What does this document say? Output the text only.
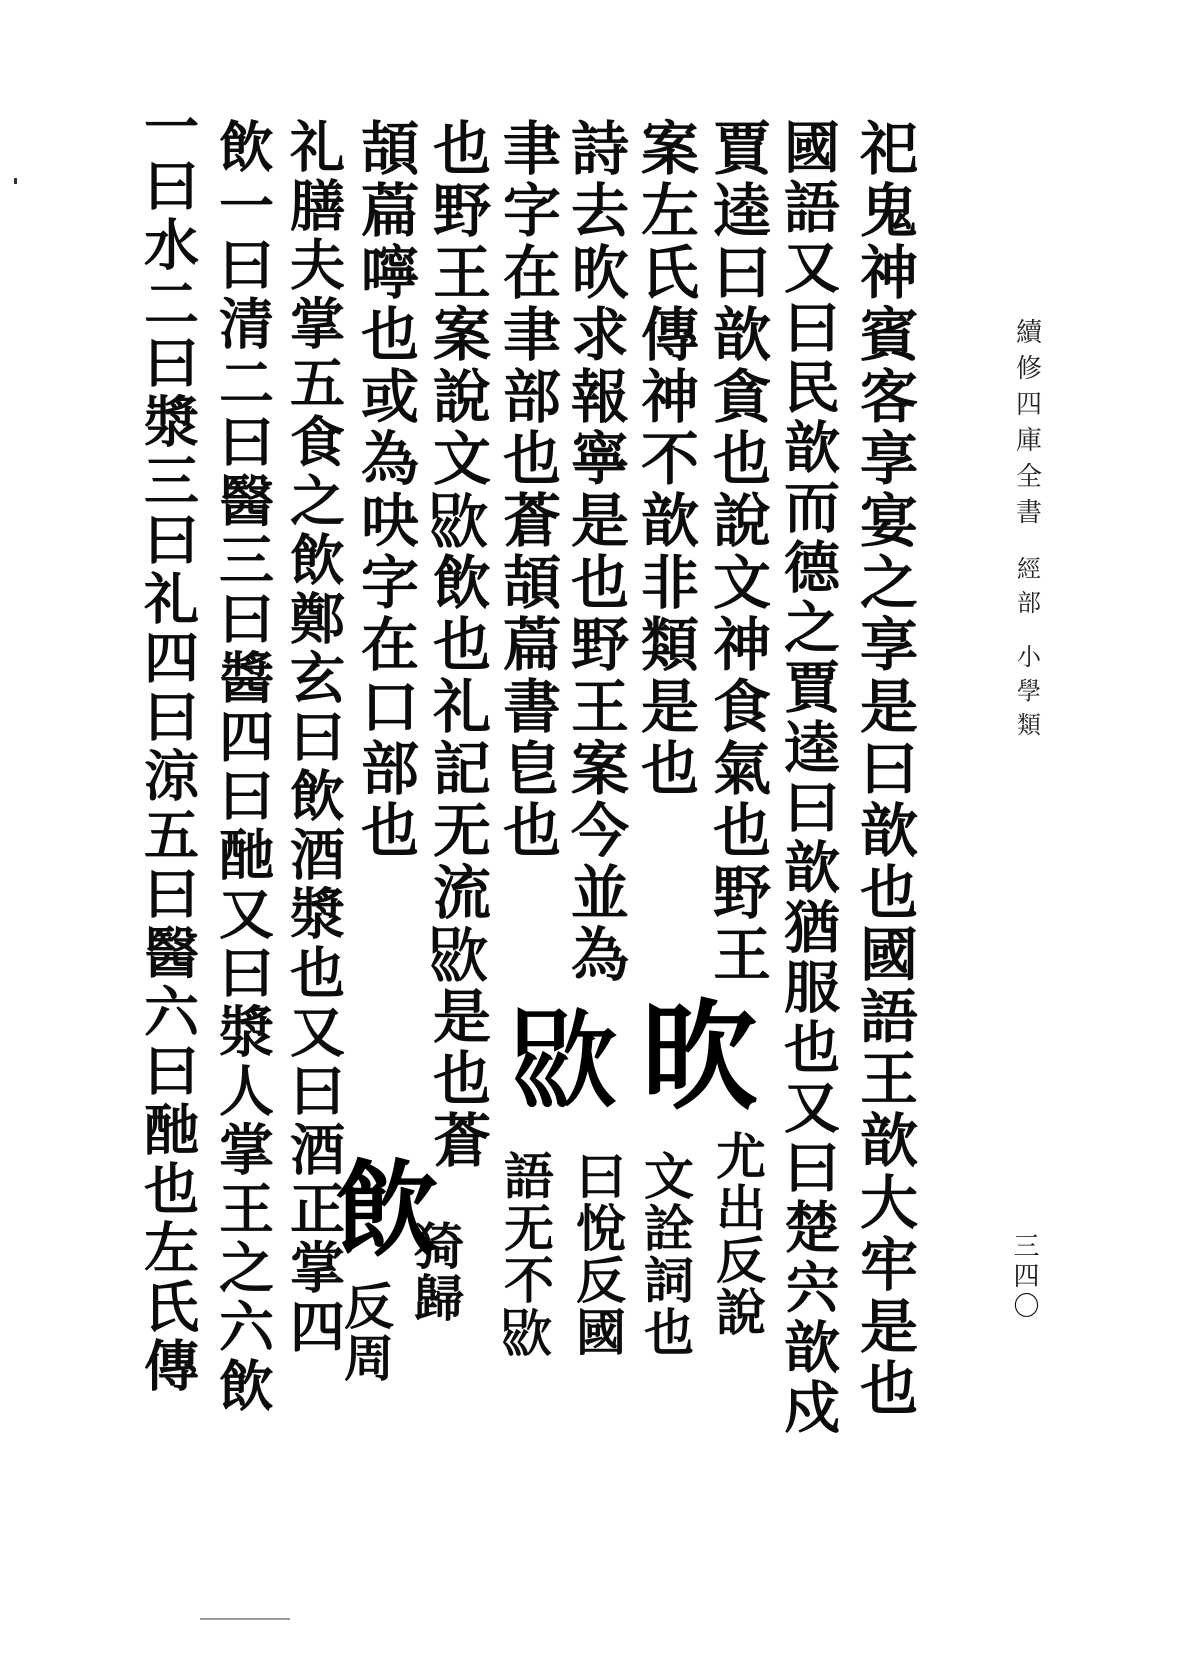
續修四庫全書
經部
小學類
三四〇
祀鬼神賓客享宴之享是曰歆也國語王歆大牢是也
國語又曰民歆而德之賈逵曰歆猶服也又曰楚宍歆戍
賈逵曰歆貪也說文神食氣也野王
尤出反說
案左氏傳神不歆非類是也
文詮詞也
詩去欥求報寧是也野王案今並為
曰悅反國
聿字在聿部也蒼頡萹書皀也
語无不𣢱
也野王案說文𣢱飲也礼記无流𣢱是也蒼
頡萹嚀也或為吷字在口部也
猗歸
礼膳夫掌五食之飲鄭玄曰飲酒漿也又曰酒正掌四
反周
飲一曰清二曰醫三曰醬四曰酏又曰漿人掌王之六飲
一曰水二曰漿三曰礼四曰涼五曰醫六曰酏也左氏傳	欥
𣢱
飲
